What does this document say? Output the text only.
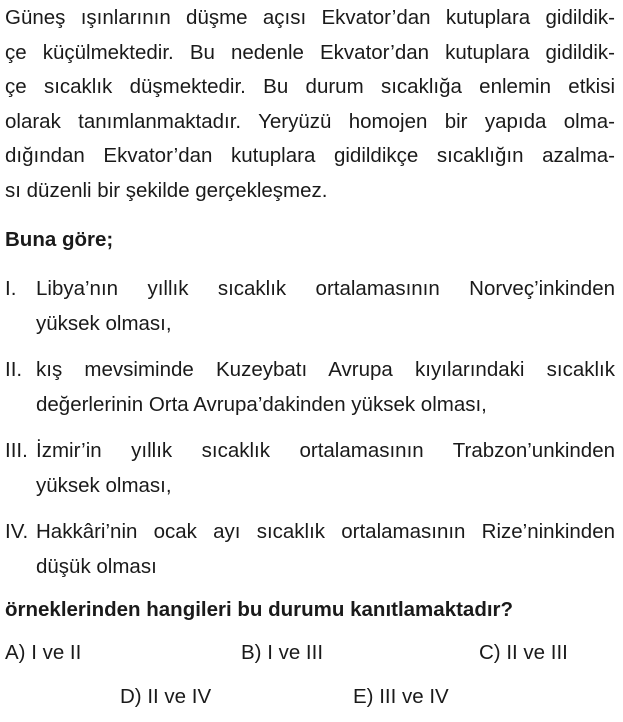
Güneş ışınlarının düşme açısı Ekvator’dan kutuplara gidildik-
çe küçülmektedir. Bu nedenle Ekvator’dan kutuplara gidildik-
çe sıcaklık düşmektedir. Bu durum sıcaklığa enlemin etkisi
olarak tanımlanmaktadır. Yeryüzü homojen bir yapıda olma-
dığından Ekvator’dan kutuplara gidildikçe sıcaklığın azalma-
sı düzenli bir şekilde gerçekleşmez.
Buna göre;
I. Libya’nın yıllık sıcaklık ortalamasının Norveç’inkinden
yüksek olması,
II. kış mevsiminde Kuzeybatı Avrupa kıyılarındaki sıcaklık
değerlerinin Orta Avrupa’dakinden yüksek olması,
III. İzmir’in yıllık sıcaklık ortalamasının Trabzon’unkinden
yüksek olması,
IV. Hakkâri’nin ocak ayı sıcaklık ortalamasının Rize’ninkinden
düşük olması
örneklerinden hangileri bu durumu kanıtlamaktadır?
A) I ve II	B) I ve III	C) II ve III
D) II ve IV	E) III ve IV
